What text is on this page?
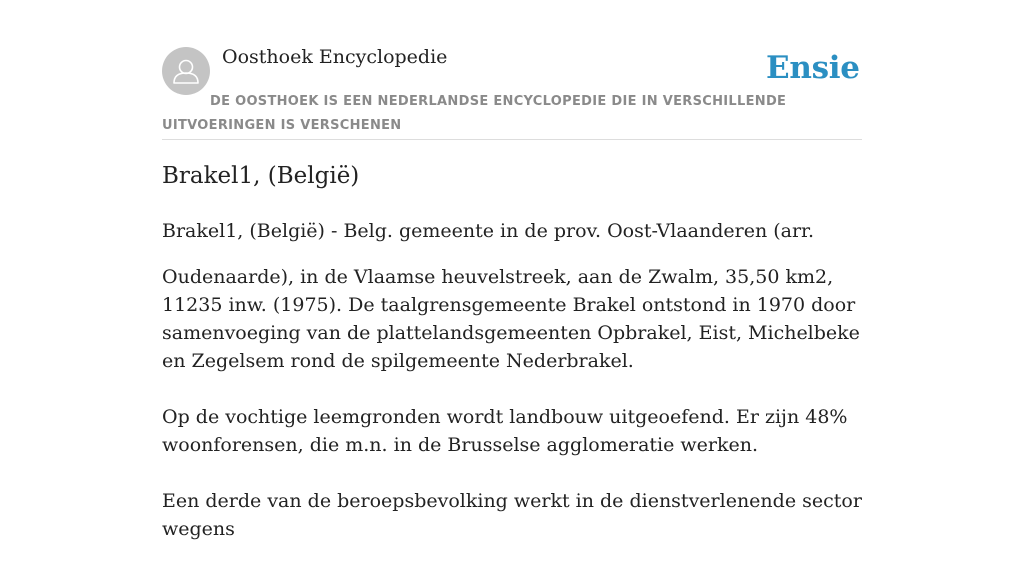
Oosthoek Encyclopedie	Ensie

DE OOSTHOEK IS EEN NEDERLANDSE ENCYCLOPEDIE DIE IN VERSCHILLENDE UITVOERINGEN IS VERSCHENEN

Brakel1, (België)

Brakel1, (België) - Belg. gemeente in de prov. Oost-Vlaanderen (arr.

Oudenaarde), in de Vlaamse heuvelstreek, aan de Zwalm, 35,50 km2, 11235 inw. (1975). De taalgrensgemeente Brakel ontstond in 1970 door samenvoeging van de plattelandsgemeenten Opbrakel, Eist, Michelbeke en Zegelsem rond de spilgemeente Nederbrakel.

Op de vochtige leemgronden wordt landbouw uitgeoefend. Er zijn 48% woonforensen, die m.n. in de Brusselse agglomeratie werken.

Een derde van de beroepsbevolking werkt in de dienstverlenende sector wegens
